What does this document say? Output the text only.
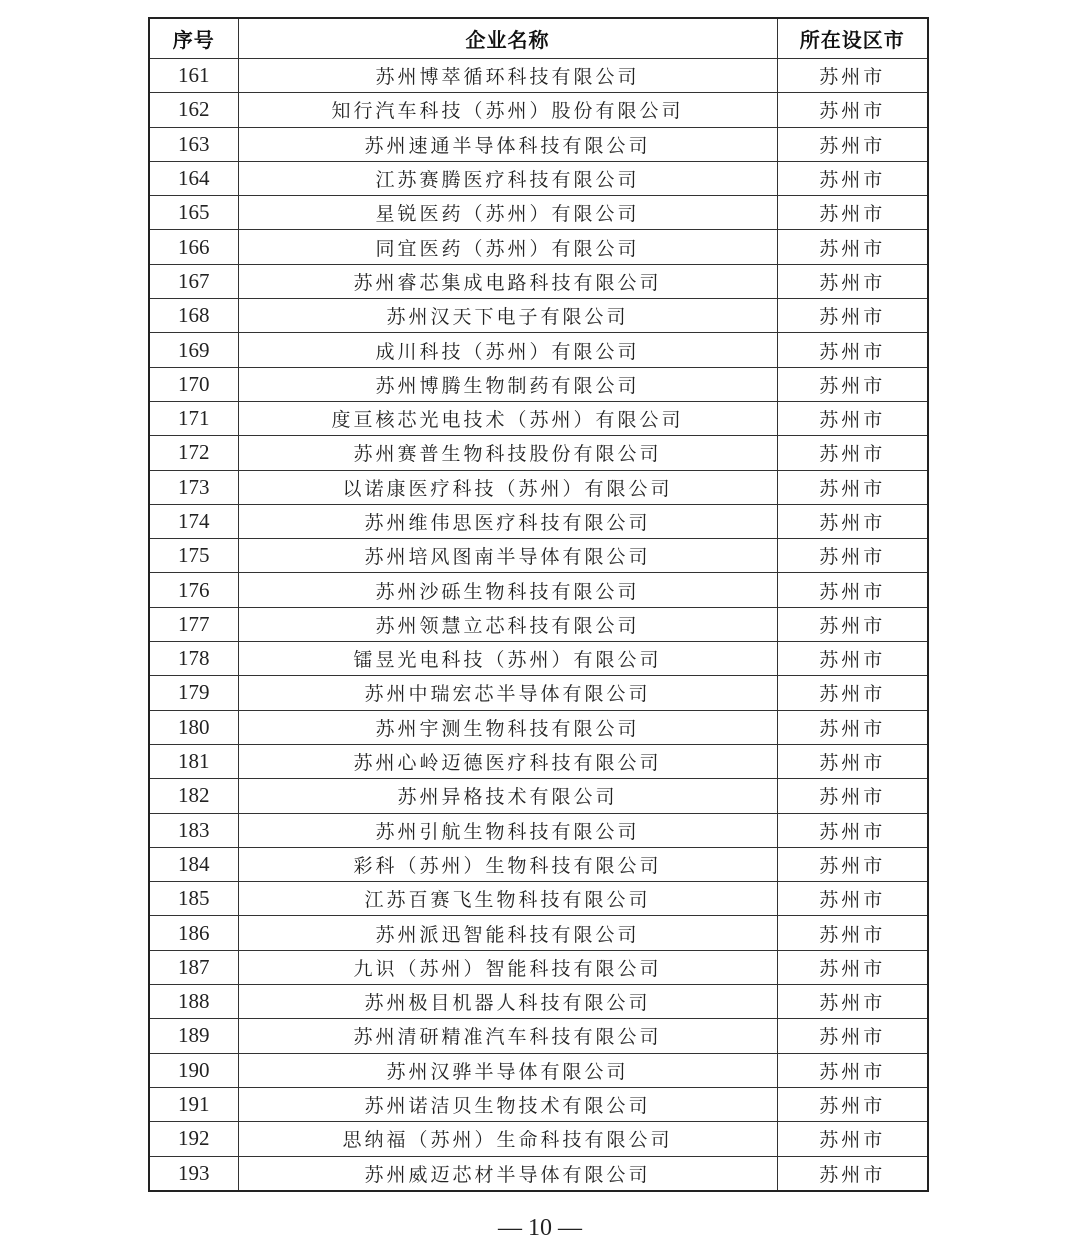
序号	企业名称	所在设区市
161	苏州博萃循环科技有限公司	苏州市
162	知行汽车科技（苏州）股份有限公司	苏州市
163	苏州速通半导体科技有限公司	苏州市
164	江苏赛腾医疗科技有限公司	苏州市
165	星锐医药（苏州）有限公司	苏州市
166	同宜医药（苏州）有限公司	苏州市
167	苏州睿芯集成电路科技有限公司	苏州市
168	苏州汉天下电子有限公司	苏州市
169	成川科技（苏州）有限公司	苏州市
170	苏州博腾生物制药有限公司	苏州市
171	度亘核芯光电技术（苏州）有限公司	苏州市
172	苏州赛普生物科技股份有限公司	苏州市
173	以诺康医疗科技（苏州）有限公司	苏州市
174	苏州维伟思医疗科技有限公司	苏州市
175	苏州培风图南半导体有限公司	苏州市
176	苏州沙砾生物科技有限公司	苏州市
177	苏州领慧立芯科技有限公司	苏州市
178	镭昱光电科技（苏州）有限公司	苏州市
179	苏州中瑞宏芯半导体有限公司	苏州市
180	苏州宇测生物科技有限公司	苏州市
181	苏州心岭迈德医疗科技有限公司	苏州市
182	苏州异格技术有限公司	苏州市
183	苏州引航生物科技有限公司	苏州市
184	彩科（苏州）生物科技有限公司	苏州市
185	江苏百赛飞生物科技有限公司	苏州市
186	苏州派迅智能科技有限公司	苏州市
187	九识（苏州）智能科技有限公司	苏州市
188	苏州极目机器人科技有限公司	苏州市
189	苏州清研精准汽车科技有限公司	苏州市
190	苏州汉骅半导体有限公司	苏州市
191	苏州诺洁贝生物技术有限公司	苏州市
192	思纳福（苏州）生命科技有限公司	苏州市
193	苏州威迈芯材半导体有限公司	苏州市
— 10 —
